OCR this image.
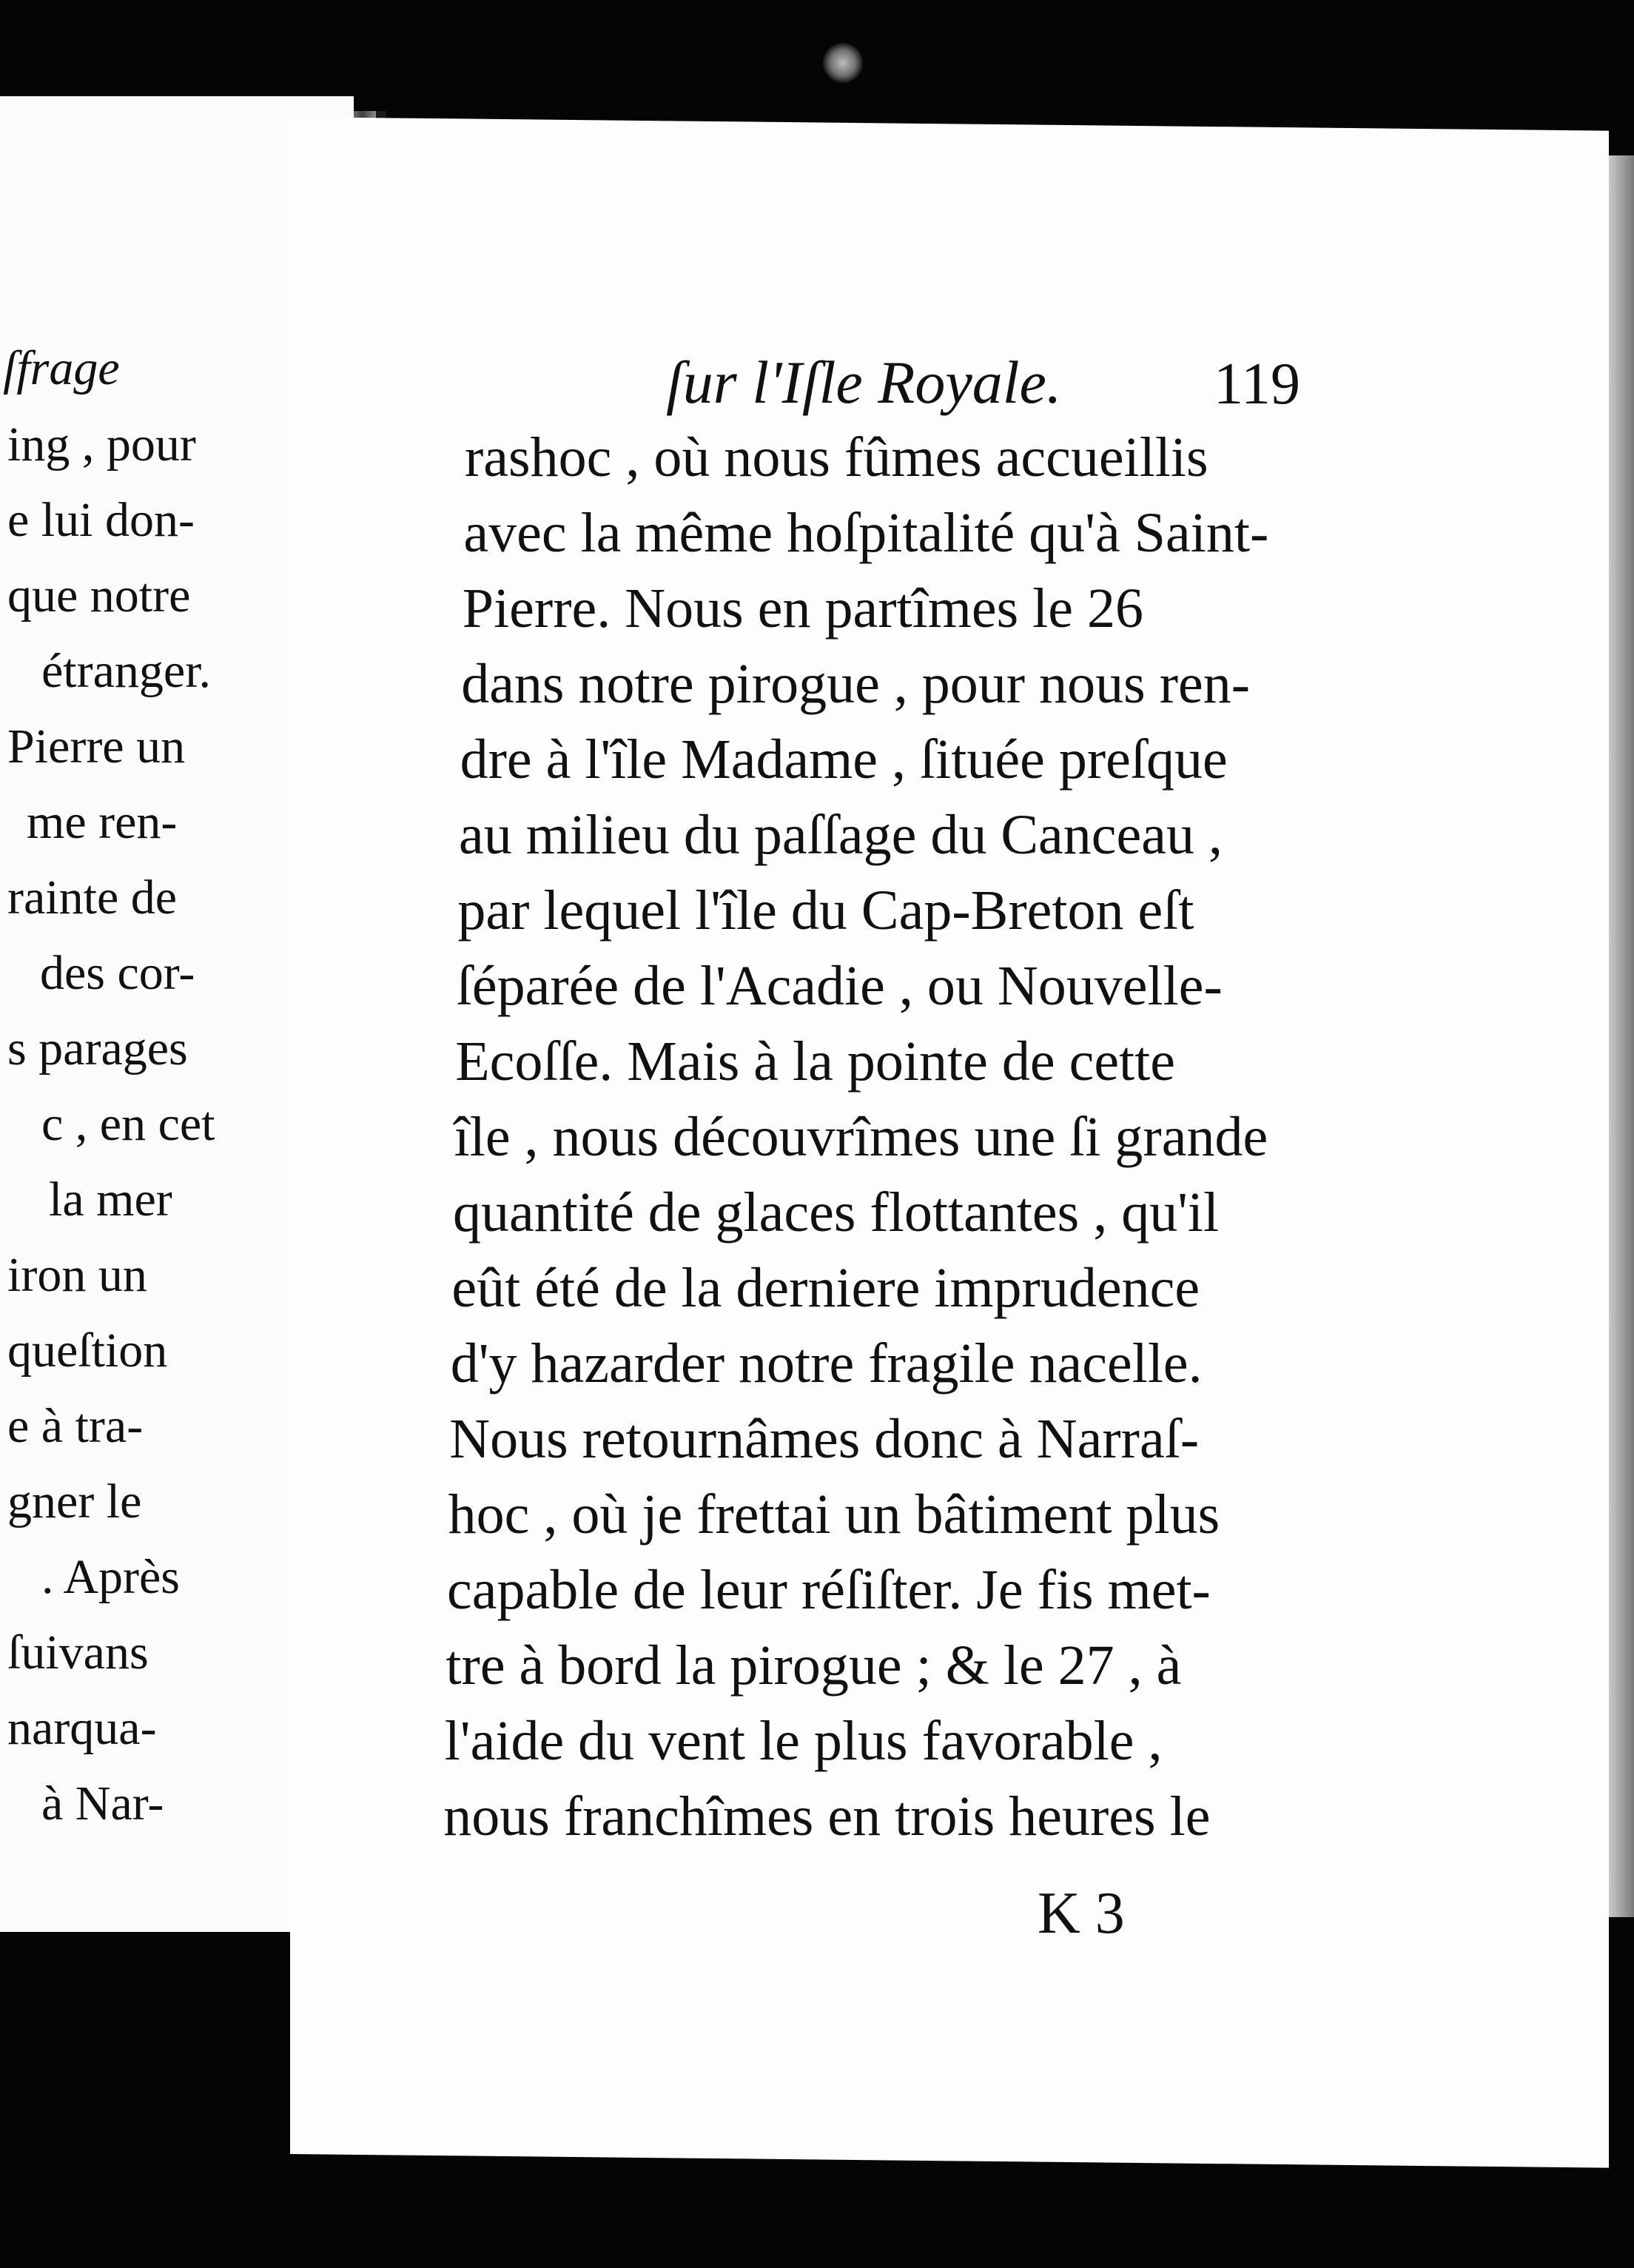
ſfrage
ing , pour
e lui don-
que notre
étranger.
Pierre un
me ren-
rainte de
des cor-
s parages
c , en cet
la mer
iron un
queſtion
e à tra-
gner le
. Après
ſuivans
narqua-
à Nar-
ſur l'Iſle Royale.	119
rashoc , où nous fûmes accueillis
avec la même hoſpitalité qu'à Saint-
Pierre. Nous en partîmes le 26
dans notre pirogue , pour nous ren-
dre à l'île Madame , ſituée preſque
au milieu du paſſage du Canceau ,
par lequel l'île du Cap-Breton eſt
ſéparée de l'Acadie , ou Nouvelle-
Ecoſſe. Mais à la pointe de cette
île , nous découvrîmes une ſi grande
quantité de glaces flottantes , qu'il
eût été de la derniere imprudence
d'y hazarder notre fragile nacelle.
Nous retournâmes donc à Narraſ-
hoc , où je frettai un bâtiment plus
capable de leur réſiſter. Je fis met-
tre à bord la pirogue ; & le 27 , à
l'aide du vent le plus favorable ,
nous franchîmes en trois heures le
K 3
